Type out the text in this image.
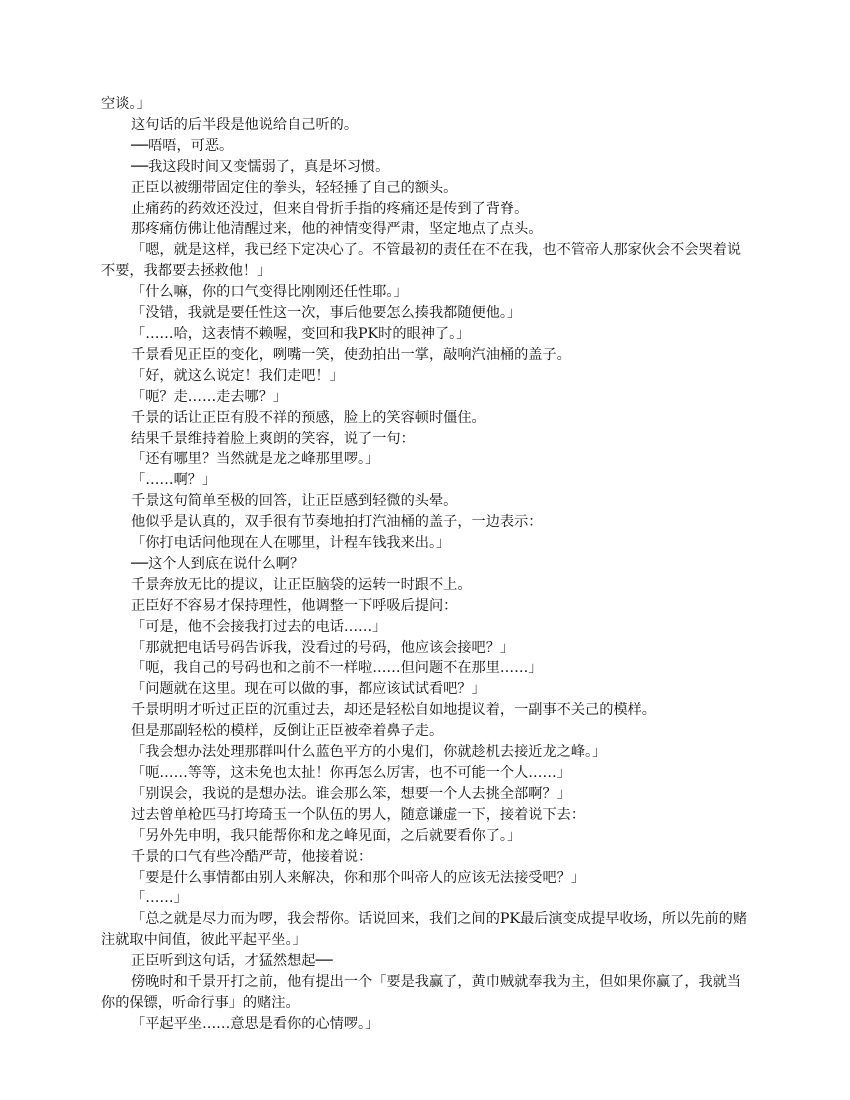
空谈。」

这句话的后半段是他说给自己听的。

──唔唔，可恶。

──我这段时间又变懦弱了，真是坏习惯。

正臣以被绷带固定住的拳头，轻轻捶了自己的额头。

止痛药的药效还没过，但来自骨折手指的疼痛还是传到了背脊。

那疼痛仿佛让他清醒过来，他的神情变得严肃，坚定地点了点头。

「嗯，就是这样，我已经下定决心了。不管最初的责任在不在我，也不管帝人那家伙会不会哭着说不要，我都要去拯救他！」

「什么嘛，你的口气变得比刚刚还任性耶。」

「没错，我就是要任性这一次，事后他要怎么揍我都随便他。」

「……哈，这表情不赖喔，变回和我PK时的眼神了。」

千景看见正臣的变化，咧嘴一笑，使劲拍出一掌，敲响汽油桶的盖子。

「好，就这么说定！我们走吧！」

「呃？走……走去哪？」

千景的话让正臣有股不祥的预感，脸上的笑容顿时僵住。

结果千景维持着脸上爽朗的笑容，说了一句：

「还有哪里？当然就是龙之峰那里啰。」

「……啊？」

千景这句简单至极的回答，让正臣感到轻微的头晕。

他似乎是认真的，双手很有节奏地拍打汽油桶的盖子，一边表示：

「你打电话问他现在人在哪里，计程车钱我来出。」

──这个人到底在说什么啊？

千景奔放无比的提议，让正臣脑袋的运转一时跟不上。

正臣好不容易才保持理性，他调整一下呼吸后提问：

「可是，他不会接我打过去的电话……」

「那就把电话号码告诉我，没看过的号码，他应该会接吧？」

「呃，我自己的号码也和之前不一样啦……但问题不在那里……」

「问题就在这里。现在可以做的事，都应该试试看吧？」

千景明明才听过正臣的沉重过去，却还是轻松自如地提议着，一副事不关己的模样。

但是那副轻松的模样，反倒让正臣被牵着鼻子走。

「我会想办法处理那群叫什么蓝色平方的小鬼们，你就趁机去接近龙之峰。」

「呃……等等，这未免也太扯！你再怎么厉害，也不可能一个人……」

「别误会，我说的是想办法。谁会那么笨，想要一个人去挑全部啊？」

过去曾单枪匹马打垮琦玉一个队伍的男人，随意谦虚一下，接着说下去：

「另外先申明，我只能帮你和龙之峰见面，之后就要看你了。」

千景的口气有些冷酷严苛，他接着说：

「要是什么事情都由别人来解决，你和那个叫帝人的应该无法接受吧？」

「……」

「总之就是尽力而为啰，我会帮你。话说回来，我们之间的PK最后演变成提早收场，所以先前的赌注就取中间值，彼此平起平坐。」

正臣听到这句话，才猛然想起──

傍晚时和千景开打之前，他有提出一个「要是我赢了，黄巾贼就奉我为主，但如果你赢了，我就当你的保镖，听命行事」的赌注。

「平起平坐……意思是看你的心情啰。」
